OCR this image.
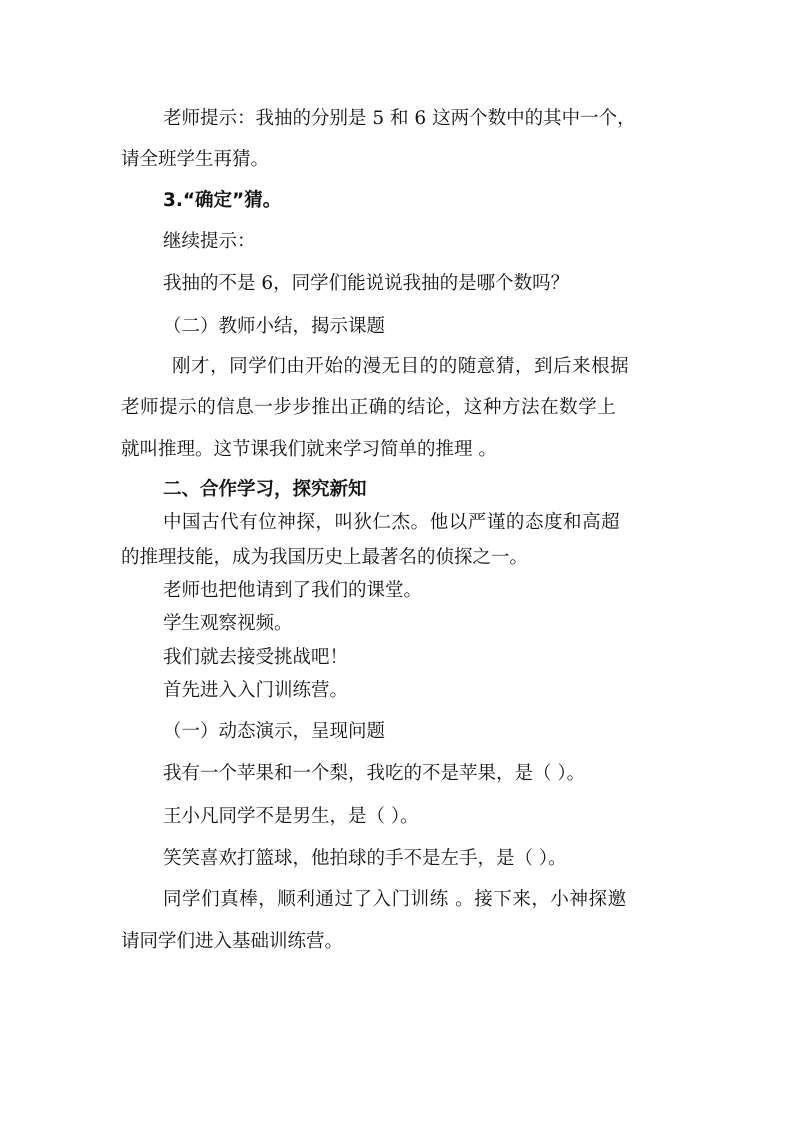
老师提示：我抽的分别是 5 和 6 这两个数中的其中一个，

请全班学生再猜。

3.“确定”猜。

继续提示：

我抽的不是 6，同学们能说说我抽的是哪个数吗？

（二）教师小结，揭示课题

刚才，同学们由开始的漫无目的的随意猜，到后来根据

老师提示的信息一步步推出正确的结论，这种方法在数学上

就叫推理。这节课我们就来学习简单的推理 。

二、合作学习，探究新知

中国古代有位神探，叫狄仁杰。他以严谨的态度和高超

的推理技能，成为我国历史上最著名的侦探之一。

老师也把他请到了我们的课堂。

学生观察视频。

我们就去接受挑战吧！

首先进入入门训练营。

（一）动态演示，呈现问题

我有一个苹果和一个梨，我吃的不是苹果，是（ ）。

王小凡同学不是男生，是（ ）。

笑笑喜欢打篮球，他拍球的手不是左手，是（ ）。

同学们真棒，顺利通过了入门训练 。接下来，小神探邀

请同学们进入基础训练营。
